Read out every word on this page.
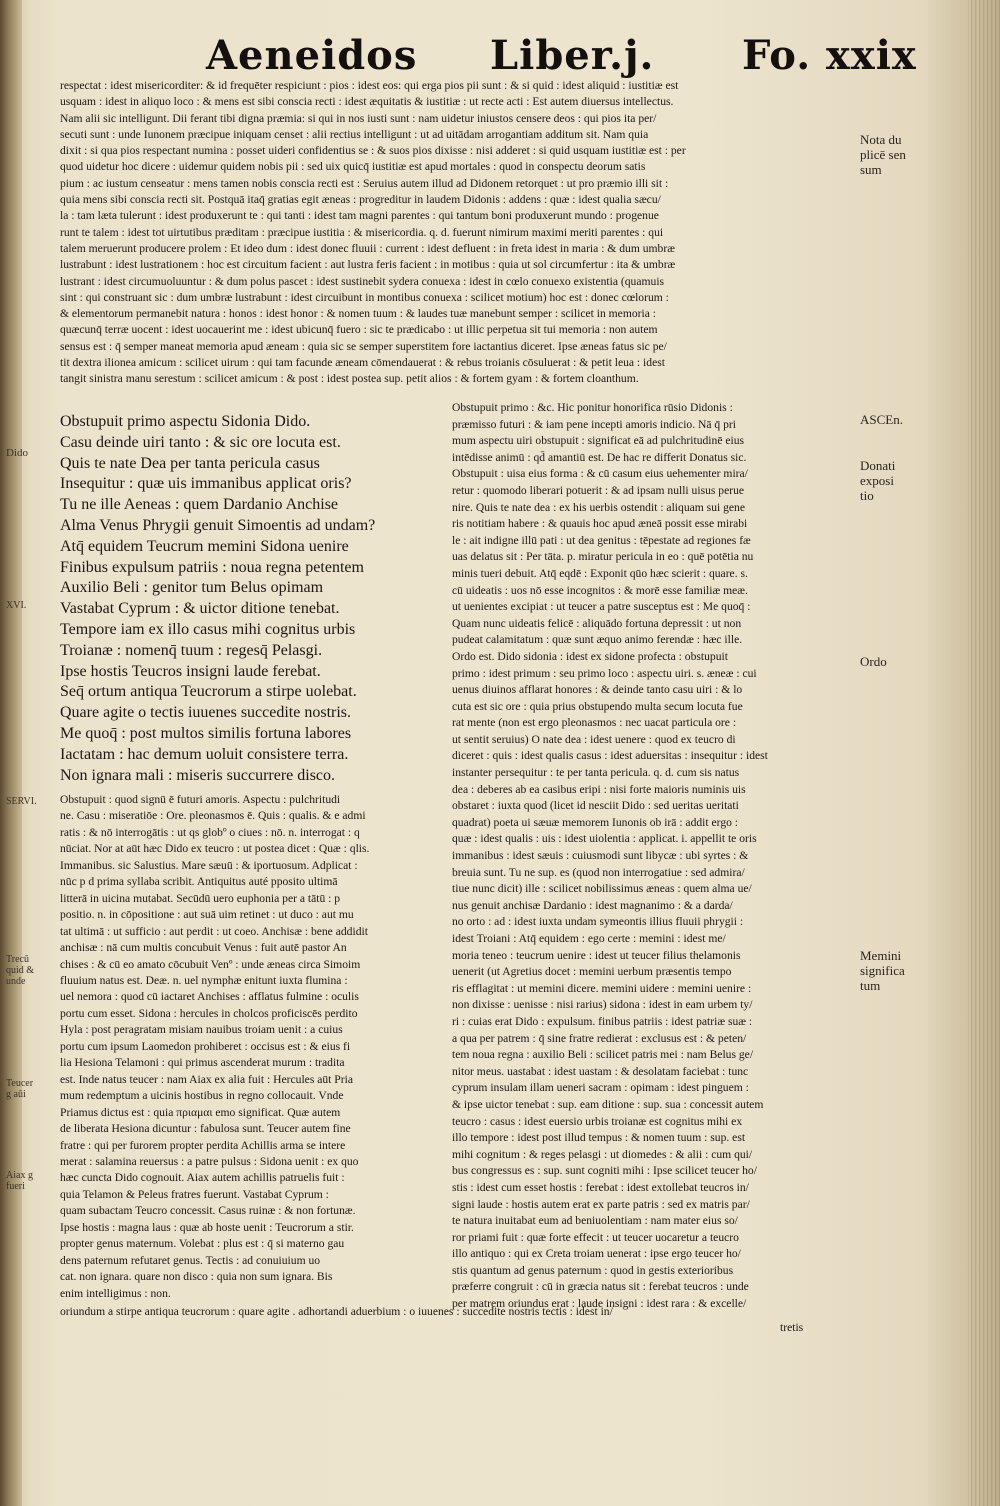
Aeneidos Liber.j. Fo. xxix
respectat : idest misericorditer: & id frequēter respiciunt : pios : idest eos: qui erga pios pii sunt : & si quid : idest aliquid : iustitiæ est
usquam : idest in aliquo loco : & mens est sibi conscia recti : idest æquitatis & iustitiæ : ut recte acti : Est autem diuersus intellectus.
Nam alii sic intelligunt. Dii ferant tibi digna præmia: si qui in nos iusti sunt : nam uidetur iniustos censere deos : qui pios ita per/
secuti sunt : unde Iunonem præcipue iniquam censet : alii rectius intelligunt : ut ad uitādam arrogantiam additum sit. Nam quia
dixit : si qua pios respectant numina : posset uideri confidentius se : & suos pios dixisse : nisi adderet : si quid usquam iustitiæ est : per
quod uidetur hoc dicere : uidemur quidem nobis pii : sed uix quicq̄ iustitiæ est apud mortales : quod in conspectu deorum satis
pium : ac iustum censeatur : mens tamen nobis conscia recti est : Seruius autem illud ad Didonem retorquet : ut pro præmio illi sit :
quia mens sibi conscia recti sit. Postquā itaq̄ gratias egit æneas : progreditur in laudem Didonis : addens : quæ : idest qualia sæcu/
la : tam læta tulerunt : idest produxerunt te : qui tanti : idest tam magni parentes : qui tantum boni produxerunt mundo : progenue
runt te talem : idest tot uirtutibus præditam : præcipue iustitia : & misericordia. q. d. fuerunt nimirum maximi meriti parentes : qui
talem meruerunt producere prolem : Et ideo dum : idest donec fluuii : current : idest defluent : in freta idest in maria : & dum umbræ
lustrabunt : idest lustrationem : hoc est circuitum facient : aut lustra feris facient : in motibus : quia ut sol circumfertur : ita & umbræ
lustrant : idest circumuoluuntur : & dum polus pascet : idest sustinebit sydera conuexa : idest in cœlo conuexo existentia (quamuis
sint : qui construant sic : dum umbræ lustrabunt : idest circuibunt in montibus conuexa : scilicet motium) hoc est : donec cœlorum :
& elementorum permanebit natura : honos : idest honor : & nomen tuum : & laudes tuæ manebunt semper : scilicet in memoria :
quæcunq̄ terræ uocent : idest uocauerint me : idest ubicunq̄ fuero : sic te prædicabo : ut illic perpetua sit tui memoria : non autem
sensus est : q̄ semper maneat memoria apud æneam : quia sic se semper superstitem fore iactantius diceret. Ipse æneas fatus sic pe/
tit dextra ilionea amicum : scilicet uirum : qui tam facunde æneam cōmendauerat : & rebus troianis cōsuluerat : & petit leua : idest
tangit sinistra manu serestum : scilicet amicum : & post : idest postea sup. petit alios : & fortem gyam : & fortem cloanthum.
Obstupuit primo aspectu Sidonia Dido.
Casu deinde uiri tanto : & sic ore locuta est.
Quis te nate Dea per tanta pericula casus
Insequitur : quæ uis immanibus applicat oris?
Tu ne ille Aeneas : quem Dardanio Anchise
Alma Venus Phrygii genuit Simoentis ad undam?
Atq̄ equidem Teucrum memini Sidona uenire
Finibus expulsum patriis : noua regna petentem
Auxilio Beli : genitor tum Belus opimam
Vastabat Cyprum : & uictor ditione tenebat.
Tempore iam ex illo casus mihi cognitus urbis
Troianæ : nomenq̄ tuum : regesq̄ Pelasgi.
Ipse hostis Teucros insigni laude ferebat.
Seq̄ ortum antiqua Teucrorum a stirpe uolebat.
Quare agite o tectis iuuenes succedite nostris.
Me quoq̄ : post multos similis fortuna labores
Iactatam : hac demum uoluit consistere terra.
Non ignara mali : miseris succurrere disco.
Obstupuit : quod signū ē futuri amoris. Aspectu : pulchritudi
ne. Casu : miseratiōe : Ore. pleonasmos ē. Quis : qualis. & e admi
ratis : & nō interrogātis : ut qs globº o ciues : nō. n. interrogat : q
nūciat. Nor at aūt hæc Dido ex teucro : ut postea dicet : Quæ : qlis.
Immanibus. sic Salustius. Mare sæuū : & iportuosum. Adplicat :
nūc p d prima syllaba scribit. Antiquitus auté pposito ultimā
litterā in uicina mutabat. Secūdū uero euphonia per a tātū : p
positio. n. in cōpositione : aut suā uim retinet : ut duco : aut mu
tat ultimā : ut sufficio : aut perdit : ut coeo. Anchisæ : bene addidit
anchisæ : nā cum multis concubuit Venus : fuit autē pastor An
chises : & cū eo amato cōcubuit Venº : unde æneas circa Simoim
fluuium natus est. Deæ. n. uel nymphæ enitunt iuxta flumina :
uel nemora : quod cū iactaret Anchises : afflatus fulmine : oculis
portu cum esset. Sidona : hercules in cholcos proficiscēs perdito
Hyla : post peragratam misiam nauibus troiam uenit : a cuius
portu cum ipsum Laomedon prohiberet : occisus est : & eius fi
lia Hesiona Telamoni : qui primus ascenderat murum : tradita
est. Inde natus teucer : nam Aiax ex alia fuit : Hercules aūt Pria
mum redemptum a uicinis hostibus in regno collocauit. Vnde
Priamus dictus est : quia πριαμαι emo significat. Quæ autem
de liberata Hesiona dicuntur : fabulosa sunt. Teucer autem fine
fratre : qui per furorem propter perdita Achillis arma se intere
merat : salamina reuersus : a patre pulsus : Sidona uenit : ex quo
hæc cuncta Dido cognouit. Aiax autem achillis patruelis fuit :
quia Telamon & Peleus fratres fuerunt. Vastabat Cyprum :
quam subactam Teucro concessit. Casus ruinæ : & non fortunæ.
Ipse hostis : magna laus : quæ ab hoste uenit : Teucrorum a stir.
propter genus maternum. Volebat : plus est : q̄ si materno gau
dens paternum refutaret genus. Tectis : ad conuiuium uo
cat. non ignara. quare non disco : quia non sum ignara. Bis
enim intelligimus : non.
Obstupuit primo : &c. Hic ponitur honorifica rūsio Didonis :
præmisso futuri : & iam pene incepti amoris indicio. Nā q̄ pri
mum aspectu uiri obstupuit : significat eā ad pulchritudinē eius
intēdisse animū : qd̄ amantiū est. De hac re differit Donatus sic.
Obstupuit : uisa eius forma : & cū casum eius uehementer mira/
retur : quomodo liberari potuerit : & ad ipsam nulli uisus perue
nire. Quis te nate dea : ex his uerbis ostendit : aliquam sui gene
ris notitiam habere : & quauis hoc apud æneā possit esse mirabi
le : ait indigne illū pati : ut dea genitus : tēpestate ad regiones fæ
uas delatus sit : Per tāta. p. miratur pericula in eo : quē potētia nu
minis tueri debuit. Atq̄ eqdē : Exponit qūo hæc scierit : quare. s.
cū uideatis : uos nō esse incognitos : & morē esse familiæ meæ.
ut uenientes excipiat : ut teucer a patre susceptus est : Me quoq̄ :
Quam nunc uideatis felicē : aliquādo fortuna depressit : ut non
pudeat calamitatum : quæ sunt æquo animo ferendæ : hæc ille.
Ordo est. Dido sidonia : idest ex sidone profecta : obstupuit
primo : idest primum : seu primo loco : aspectu uiri. s. æneæ : cui
uenus diuinos afflarat honores : & deinde tanto casu uiri : & lo
cuta est sic ore : quia prius obstupendo multa secum locuta fue
rat mente (non est ergo pleonasmos : nec uacat particula ore :
ut sentit seruius) O nate dea : idest uenere : quod ex teucro di
diceret : quis : idest qualis casus : idest aduersitas : insequitur : idest
instanter persequitur : te per tanta pericula. q. d. cum sis natus
dea : deberes ab ea casibus eripi : nisi forte maioris numinis uis
obstaret : iuxta quod (licet id nesciit Dido : sed ueritas ueritati
quadrat) poeta ui sæuæ memorem Iunonis ob irā : addit ergo :
quæ : idest qualis : uis : idest uiolentia : applicat. i. appellit te oris
immanibus : idest sæuis : cuiusmodi sunt libycæ : ubi syrtes : &
breuia sunt. Tu ne sup. es (quod non interrogatiue : sed admira/
tiue nunc dicit) ille : scilicet nobilissimus æneas : quem alma ue/
nus genuit anchisæ Dardanio : idest magnanimo : & a darda/
no orto : ad : idest iuxta undam symeontis illius fluuii phrygii :
idest Troiani : Atq̄ equidem : ego certe : memini : idest me/
moria teneo : teucrum uenire : idest ut teucer filius thelamonis
uenerit (ut Agretius docet : memini uerbum præsentis tempo
ris efflagitat : ut memini dicere. memini uidere : memini uenire :
non dixisse : uenisse : nisi rarius) sidona : idest in eam urbem ty/
ri : cuias erat Dido : expulsum. finibus patriis : idest patriæ suæ :
a qua per patrem : q̄ sine fratre redierat : exclusus est : & peten/
tem noua regna : auxilio Beli : scilicet patris mei : nam Belus ge/
nitor meus. uastabat : idest uastam : & desolatam faciebat : tunc
cyprum insulam illam ueneri sacram : opimam : idest pinguem :
& ipse uictor tenebat : sup. eam ditione : sup. sua : concessit autem
teucro : casus : idest euersio urbis troianæ est cognitus mihi ex
illo tempore : idest post illud tempus : & nomen tuum : sup. est
mihi cognitum : & reges pelasgi : ut diomedes : & alii : cum qui/
bus congressus es : sup. sunt cogniti mihi : Ipse scilicet teucer ho/
stis : idest cum esset hostis : ferebat : idest extollebat teucros in/
signi laude : hostis autem erat ex parte patris : sed ex matris par/
te natura inuitabat eum ad beniuolentiam : nam mater eius so/
ror priami fuit : quæ forte effecit : ut teucer uocaretur a teucro
illo antiquo : qui ex Creta troiam uenerat : ipse ergo teucer ho/
stis quantum ad genus paternum : quod in gestis exterioribus
præferre congruit : cū in græcia natus sit : ferebat teucros : unde
per matrem oriundus erat : laude insigni : idest rara : & excelle/
oriundum a stirpe antiqua teucrorum : quare agite . adhortandi aduerbium : o iuuenes : succedite nostris tectis : idest in/
tretis
Nota du
plicē sen
sum
ASCEn.
Donati
exposi
tio
Ordo
Memini
significa
tum
Dido
XVI.
SERVI.
Trecū
quid &
unde
Teucer
g aūi
Aiax g
fueri
